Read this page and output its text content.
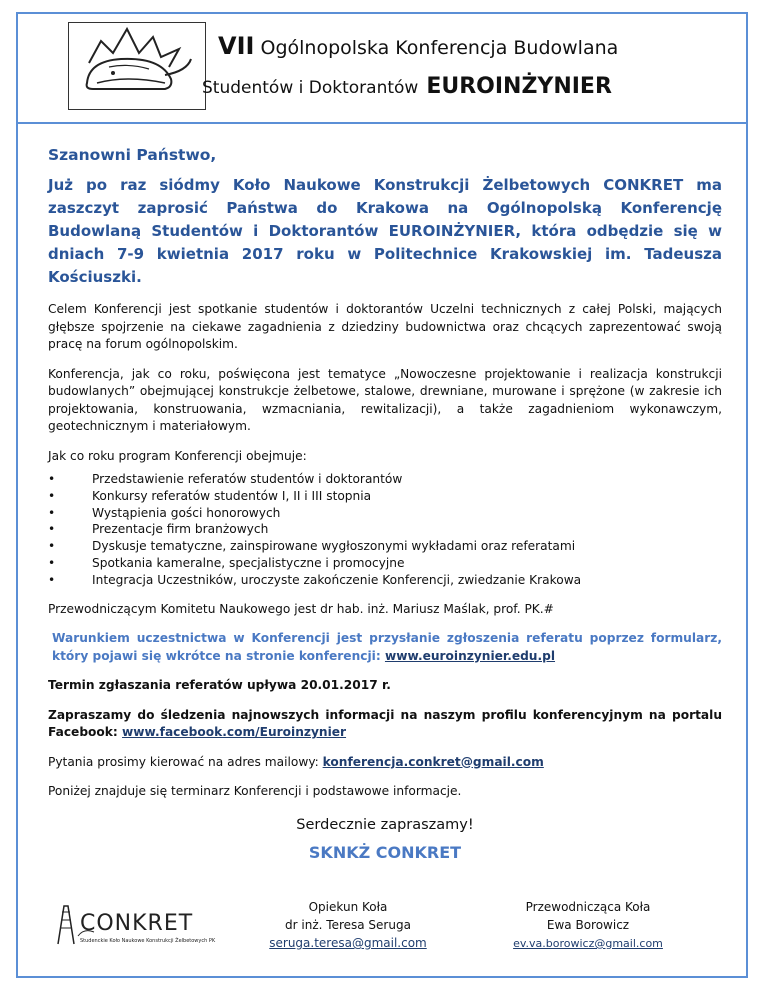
VII Ogólnopolska Konferencja Budowlana
Studentów i Doktorantów EUROINŻYNIER
Szanowni Państwo,
Już po raz siódmy Koło Naukowe Konstrukcji Żelbetowych CONKRET ma zaszczyt zaprosić Państwa do Krakowa na Ogólnopolską Konferencję Budowlaną Studentów i Doktorantów EUROINŻYNIER, która odbędzie się w dniach 7-9 kwietnia 2017 roku w Politechnice Krakowskiej im. Tadeusza Kościuszki.

Celem Konferencji jest spotkanie studentów i doktorantów Uczelni technicznych z całej Polski, mających głębsze spojrzenie na ciekawe zagadnienia z dziedziny budownictwa oraz chcących zaprezentować swoją pracę na forum ogólnopolskim.

Konferencja, jak co roku, poświęcona jest tematyce „Nowoczesne projektowanie i realizacja konstrukcji budowlanych” obejmującej konstrukcje żelbetowe, stalowe, drewniane, murowane i sprężone (w zakresie ich projektowania, konstruowania, wzmacniania, rewitalizacji), a także zagadnieniom wykonawczym, geotechnicznym i materiałowym.

Jak co roku program Konferencji obejmuje:

• Przedstawienie referatów studentów i doktorantów
• Konkursy referatów studentów I, II i III stopnia
• Wystąpienia gości honorowych
• Prezentacje firm branżowych
• Dyskusje tematyczne, zainspirowane wygłoszonymi wykładami oraz referatami
• Spotkania kameralne, specjalistyczne i promocyjne
• Integracja Uczestników, uroczyste zakończenie Konferencji, zwiedzanie Krakowa

Przewodniczącym Komitetu Naukowego jest dr hab. inż. Mariusz Maślak, prof. PK.#

Warunkiem uczestnictwa w Konferencji jest przysłanie zgłoszenia referatu poprzez formularz, który pojawi się wkrótce na stronie konferencji: www.euroinzynier.edu.pl

Termin zgłaszania referatów upływa 20.01.2017 r.

Zapraszamy do śledzenia najnowszych informacji na naszym profilu konferencyjnym na portalu Facebook: www.facebook.com/Euroinzynier

Pytania prosimy kierować na adres mailowy: konferencja.conkret@gmail.com

Poniżej znajduje się terminarz Konferencji i podstawowe informacje.

Serdecznie zapraszamy!
SKNKŻ CONKRET
CONKRET
Studenckie Koło Naukowe Konstrukcji Żelbetowych PK
Opiekun Koła
dr inż. Teresa Seruga
seruga.teresa@gmail.com
Przewodnicząca Koła
Ewa Borowicz
ev.va.borowicz@gmail.com
